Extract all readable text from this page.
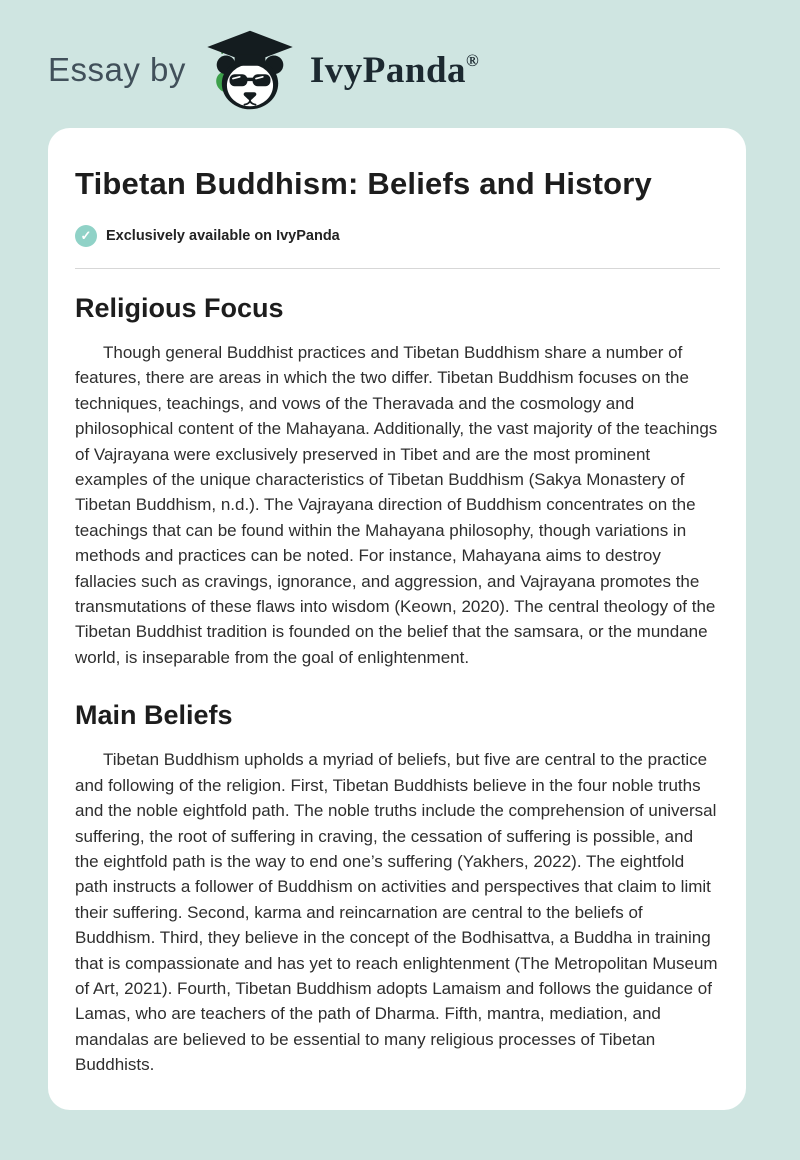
Essay by	IvyPanda®
Tibetan Buddhism: Beliefs and History
✓	Exclusively available on IvyPanda
Religious Focus

Though general Buddhist practices and Tibetan Buddhism share a number of features, there are areas in which the two differ. Tibetan Buddhism focuses on the techniques, teachings, and vows of the Theravada and the cosmology and philosophical content of the Mahayana. Additionally, the vast majority of the teachings of Vajrayana were exclusively preserved in Tibet and are the most prominent examples of the unique characteristics of Tibetan Buddhism (Sakya Monastery of Tibetan Buddhism, n.d.). The Vajrayana direction of Buddhism concentrates on the teachings that can be found within the Mahayana philosophy, though variations in methods and practices can be noted. For instance, Mahayana aims to destroy fallacies such as cravings, ignorance, and aggression, and Vajrayana promotes the transmutations of these flaws into wisdom (Keown, 2020). The central theology of the Tibetan Buddhist tradition is founded on the belief that the samsara, or the mundane world, is inseparable from the goal of enlightenment.

Main Beliefs

Tibetan Buddhism upholds a myriad of beliefs, but five are central to the practice and following of the religion. First, Tibetan Buddhists believe in the four noble truths and the noble eightfold path. The noble truths include the comprehension of universal suffering, the root of suffering in craving, the cessation of suffering is possible, and the eightfold path is the way to end one’s suffering (Yakhers, 2022). The eightfold path instructs a follower of Buddhism on activities and perspectives that claim to limit their suffering. Second, karma and reincarnation are central to the beliefs of Buddhism. Third, they believe in the concept of the Bodhisattva, a Buddha in training that is compassionate and has yet to reach enlightenment (The Metropolitan Museum of Art, 2021). Fourth, Tibetan Buddhism adopts Lamaism and follows the guidance of Lamas, who are teachers of the path of Dharma. Fifth, mantra, mediation, and mandalas are believed to be essential to many religious processes of Tibetan Buddhists.
